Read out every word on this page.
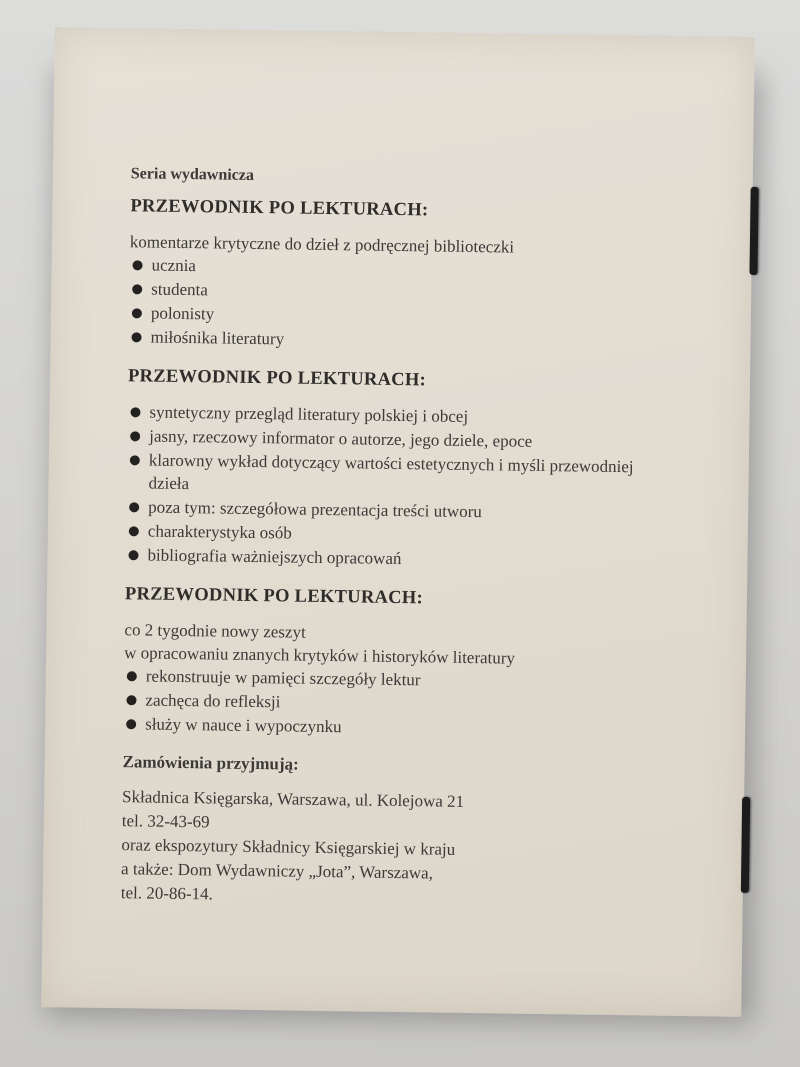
Seria wydawnicza
PRZEWODNIK PO LEKTURACH:

komentarze krytyczne do dzieł z podręcznej biblioteczki

ucznia
studenta
polonisty
miłośnika literatury
PRZEWODNIK PO LEKTURACH:
syntetyczny przegląd literatury polskiej i obcej
jasny, rzeczowy informator o autorze, jego dziele, epoce
klarowny wykład dotyczący wartości estetycznych i myśli przewodniej dzieła
poza tym: szczegółowa prezentacja treści utworu
charakterystyka osób
bibliografia ważniejszych opracowań
PRZEWODNIK PO LEKTURACH:

co 2 tygodnie nowy zeszyt

w opracowaniu znanych krytyków i historyków literatury

rekonstruuje w pamięci szczegóły lektur
zachęca do refleksji
służy w nauce i wypoczynku
Zamówienia przyjmują:

Składnica Księgarska, Warszawa, ul. Kolejowa 21

tel. 32-43-69

oraz ekspozytury Składnicy Księgarskiej w kraju

a także: Dom Wydawniczy „Jota”, Warszawa,

tel. 20-86-14.
